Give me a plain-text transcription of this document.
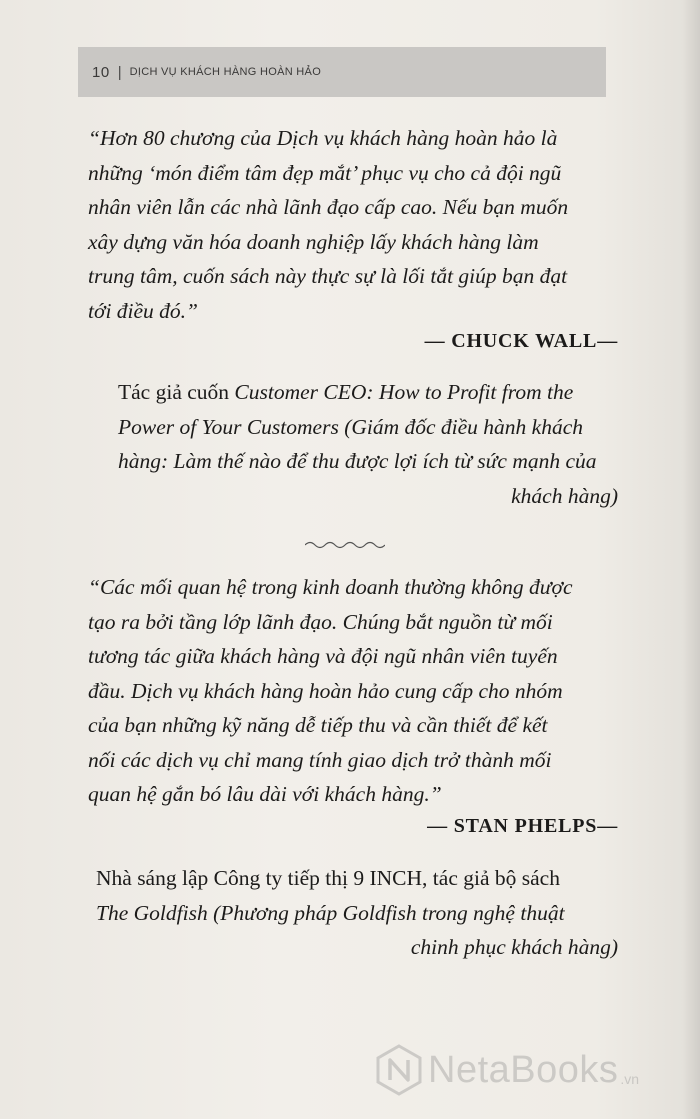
10 | DỊCH VỤ KHÁCH HÀNG HOÀN HẢO

“Hơn 80 chương của Dịch vụ khách hàng hoàn hảo là

những ‘món điểm tâm đẹp mắt’ phục vụ cho cả đội ngũ

nhân viên lẫn các nhà lãnh đạo cấp cao. Nếu bạn muốn

xây dựng văn hóa doanh nghiệp lấy khách hàng làm

trung tâm, cuốn sách này thực sự là lối tắt giúp bạn đạt

tới điều đó.”

— CHUCK WALL—

Tác giả cuốn Customer CEO: How to Profit from the

Power of Your Customers (Giám đốc điều hành khách

hàng: Làm thế nào để thu được lợi ích từ sức mạnh của

khách hàng)

“Các mối quan hệ trong kinh doanh thường không được

tạo ra bởi tầng lớp lãnh đạo. Chúng bắt nguồn từ mối

tương tác giữa khách hàng và đội ngũ nhân viên tuyến

đầu. Dịch vụ khách hàng hoàn hảo cung cấp cho nhóm

của bạn những kỹ năng dễ tiếp thu và cần thiết để kết

nối các dịch vụ chỉ mang tính giao dịch trở thành mối

quan hệ gắn bó lâu dài với khách hàng.”

— STAN PHELPS—

Nhà sáng lập Công ty tiếp thị 9 INCH, tác giả bộ sách

The Goldfish (Phương pháp Goldfish trong nghệ thuật

chinh phục khách hàng)

NetaBooks .vn
